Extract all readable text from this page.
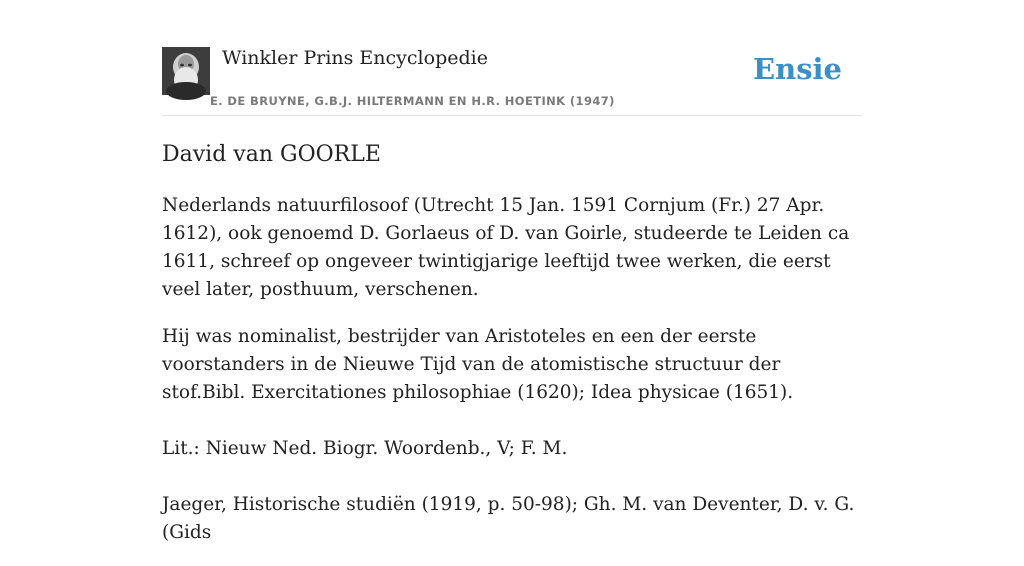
Winkler Prins Encyclopedie
E. DE BRUYNE, G.B.J. HILTERMANN EN H.R. HOETINK (1947)
Ensie
David van GOORLE

Nederlands natuurfilosoof (Utrecht 15 Jan. 1591 Cornjum (Fr.) 27 Apr. 1612), ook genoemd D. Gorlaeus of D. van Goirle, studeerde te Leiden ca 1611, schreef op ongeveer twintigjarige leeftijd twee werken, die eerst veel later, posthuum, verschenen.

Hij was nominalist, bestrijder van Aristoteles en een der eerste voorstanders in de Nieuwe Tijd van de atomistische structuur der stof.Bibl. Exercitationes philosophiae (1620); Idea physicae (1651).

Lit.: Nieuw Ned. Biogr. Woordenb., V; F. M.

Jaeger, Historische studiën (1919, p. 50-98); Gh. M. van Deventer, D. v. G. (Gids
